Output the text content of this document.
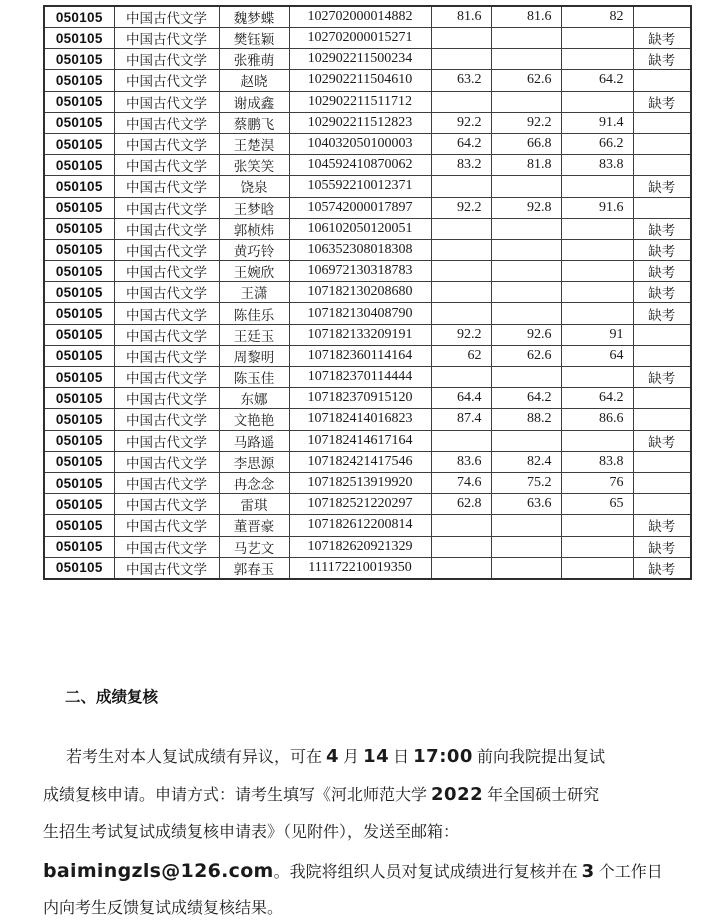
050105	中国古代文学	魏梦蝶	102702000014882	81.6	81.6	82	
050105	中国古代文学	樊钰颖	102702000015271				缺考
050105	中国古代文学	张雅萌	102902211500234				缺考
050105	中国古代文学	赵晓	102902211504610	63.2	62.6	64.2	
050105	中国古代文学	谢成鑫	102902211511712				缺考
050105	中国古代文学	蔡鹏飞	102902211512823	92.2	92.2	91.4	
050105	中国古代文学	王楚淏	104032050100003	64.2	66.8	66.2	
050105	中国古代文学	张笑笑	104592410870062	83.2	81.8	83.8	
050105	中国古代文学	饶泉	105592210012371				缺考
050105	中国古代文学	王梦晗	105742000017897	92.2	92.8	91.6	
050105	中国古代文学	郭桢炜	106102050120051				缺考
050105	中国古代文学	黄巧铃	106352308018308				缺考
050105	中国古代文学	王婉欣	106972130318783				缺考
050105	中国古代文学	王潇	107182130208680				缺考
050105	中国古代文学	陈佳乐	107182130408790				缺考
050105	中国古代文学	王廷玉	107182133209191	92.2	92.6	91	
050105	中国古代文学	周黎明	107182360114164	62	62.6	64	
050105	中国古代文学	陈玉佳	107182370114444				缺考
050105	中国古代文学	东娜	107182370915120	64.4	64.2	64.2	
050105	中国古代文学	文艳艳	107182414016823	87.4	88.2	86.6	
050105	中国古代文学	马路遥	107182414617164				缺考
050105	中国古代文学	李思源	107182421417546	83.6	82.4	83.8	
050105	中国古代文学	冉念念	107182513919920	74.6	75.2	76	
050105	中国古代文学	雷琪	107182521220297	62.8	63.6	65	
050105	中国古代文学	董晋豪	107182612200814				缺考
050105	中国古代文学	马艺文	107182620921329				缺考
050105	中国古代文学	郭春玉	111172210019350				缺考
二、成绩复核
若考生对本人复试成绩有异议，可在 4 月 14 日 17:00 前向我院提出复试
成绩复核申请。申请方式：请考生填写《河北师范大学 2022 年全国硕士研究
生招生考试复试成绩复核申请表》（见附件），发送至邮箱：
baimingzls@126.com。我院将组织人员对复试成绩进行复核并在 3 个工作日
内向考生反馈复试成绩复核结果。
